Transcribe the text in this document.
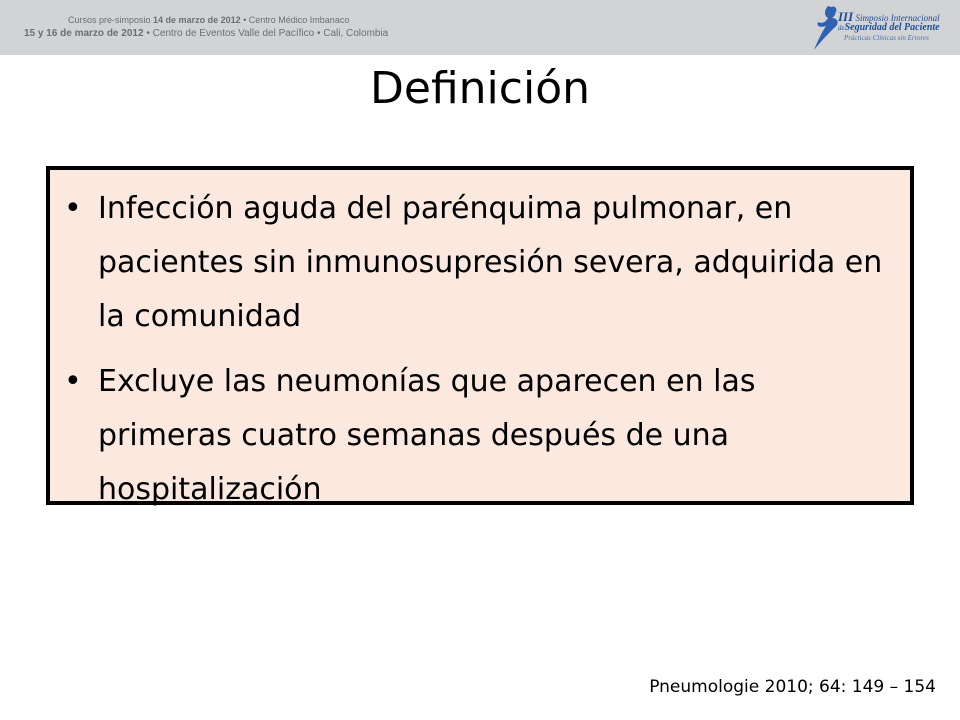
Cursos pre-simposio 14 de marzo de 2012 • Centro Médico Imbanaco
15 y 16 de marzo de 2012 • Centro de Eventos Valle del Pacífico • Cali, Colombia
III Simposio Internacional
deSeguridad del Paciente
Prácticas Clínicas sin Errores
Definición
• Infección aguda del parénquima pulmonar, en pacientes sin inmunosupresión severa, adquirida en la comunidad
• Excluye las neumonías que aparecen en las primeras cuatro semanas después de una hospitalización
Pneumologie 2010; 64: 149 – 154
